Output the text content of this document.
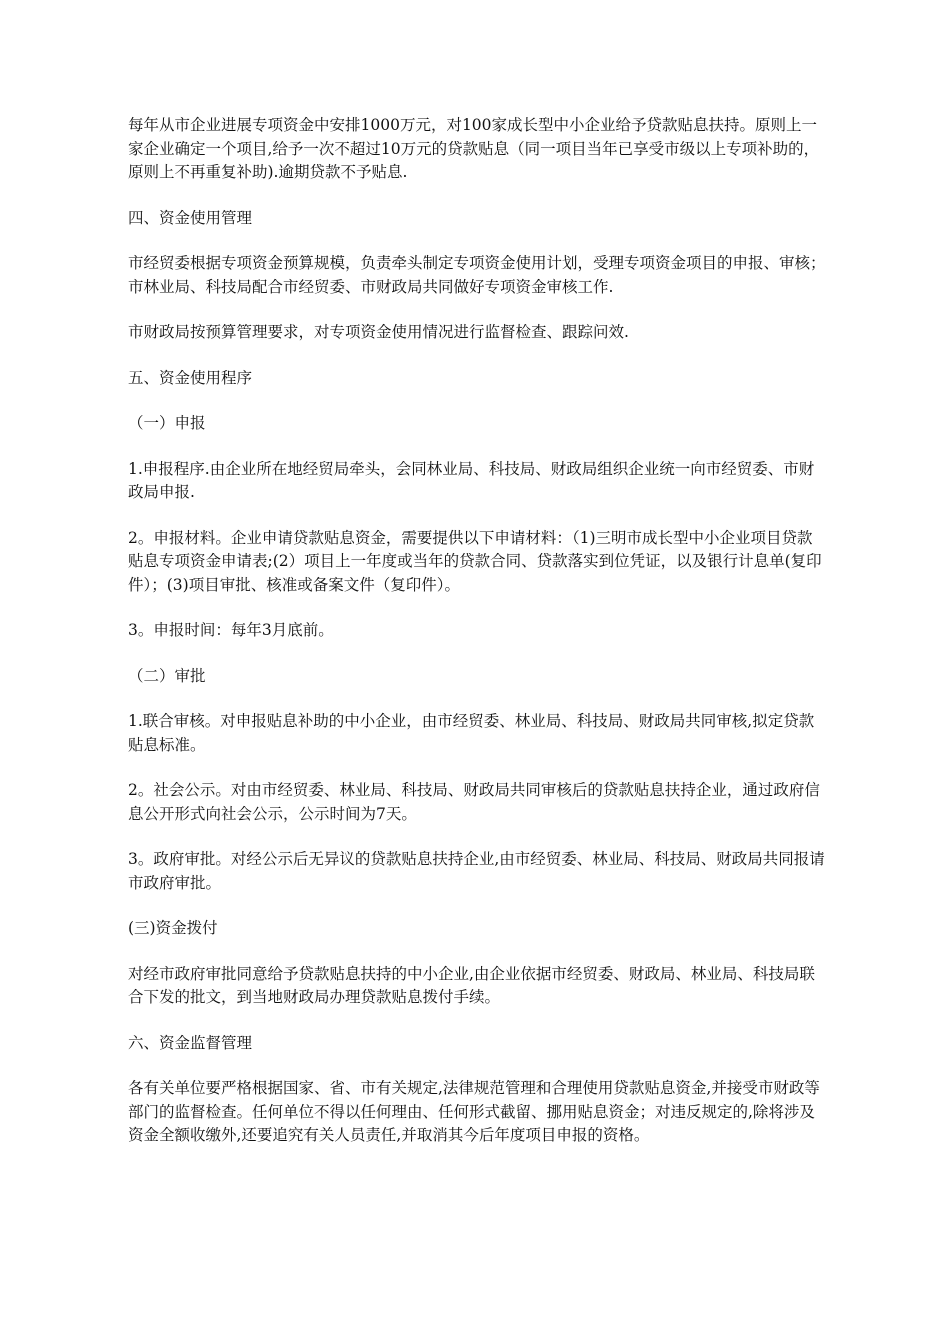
每年从市企业进展专项资金中安排1000万元，对100家成长型中小企业给予贷款贴息扶持。原则上一家企业确定一个项目,给予一次不超过10万元的贷款贴息（同一项目当年已享受市级以上专项补助的，原则上不再重复补助).逾期贷款不予贴息.

四、资金使用管理

市经贸委根据专项资金预算规模，负责牵头制定专项资金使用计划，受理专项资金项目的申报、审核；市林业局、科技局配合市经贸委、市财政局共同做好专项资金审核工作.

市财政局按预算管理要求，对专项资金使用情况进行监督检查、跟踪问效.

五、资金使用程序

（一）申报

1.申报程序.由企业所在地经贸局牵头，会同林业局、科技局、财政局组织企业统一向市经贸委、市财政局申报.

2。申报材料。企业申请贷款贴息资金，需要提供以下申请材料：（1)三明市成长型中小企业项目贷款贴息专项资金申请表;(2）项目上一年度或当年的贷款合同、贷款落实到位凭证，以及银行计息单(复印件）；(3)项目审批、核准或备案文件（复印件）。

3。申报时间：每年3月底前。

（二）审批

1.联合审核。对申报贴息补助的中小企业，由市经贸委、林业局、科技局、财政局共同审核,拟定贷款贴息标准。

2。社会公示。对由市经贸委、林业局、科技局、财政局共同审核后的贷款贴息扶持企业，通过政府信息公开形式向社会公示，公示时间为7天。

3。政府审批。对经公示后无异议的贷款贴息扶持企业,由市经贸委、林业局、科技局、财政局共同报请市政府审批。

(三)资金拨付

对经市政府审批同意给予贷款贴息扶持的中小企业,由企业依据市经贸委、财政局、林业局、科技局联合下发的批文，到当地财政局办理贷款贴息拨付手续。

六、资金监督管理

各有关单位要严格根据国家、省、市有关规定,法律规范管理和合理使用贷款贴息资金,并接受市财政等部门的监督检查。任何单位不得以任何理由、任何形式截留、挪用贴息资金；对违反规定的,除将涉及资金全额收缴外,还要追究有关人员责任,并取消其今后年度项目申报的资格。
